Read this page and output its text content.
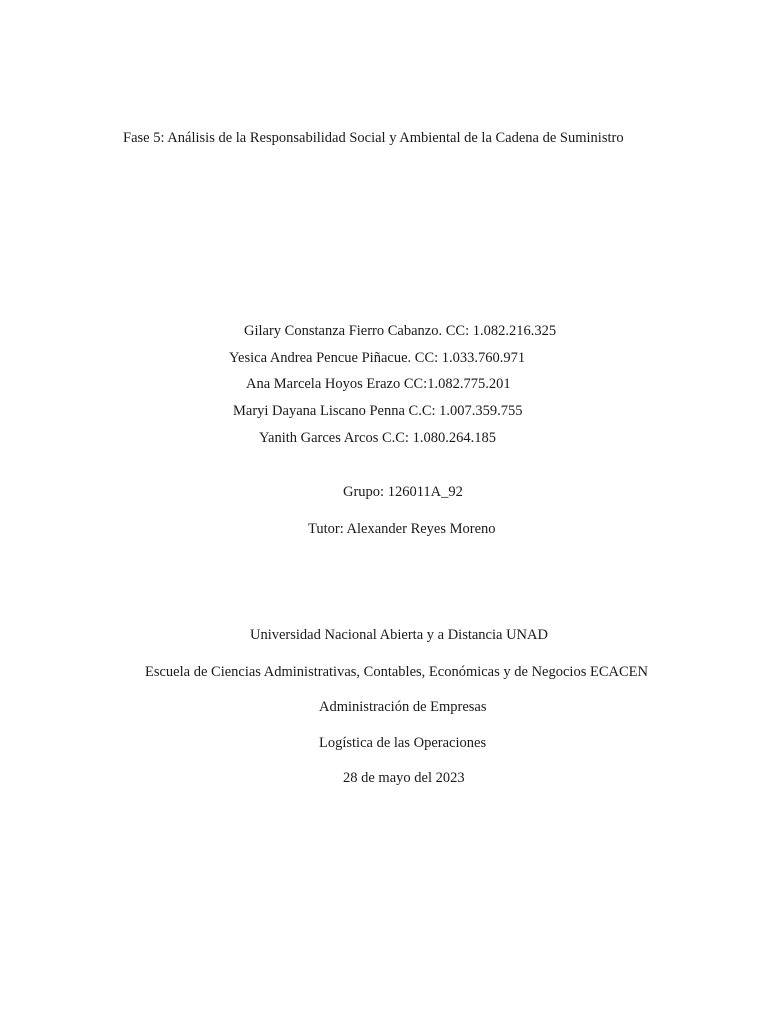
Fase 5: Análisis de la Responsabilidad Social y Ambiental de la Cadena de Suministro
Gilary Constanza Fierro Cabanzo. CC: 1.082.216.325
Yesica Andrea Pencue Piñacue. CC: 1.033.760.971
Ana Marcela Hoyos Erazo CC:1.082.775.201
Maryi Dayana Liscano Penna C.C: 1.007.359.755
Yanith Garces Arcos C.C: 1.080.264.185
Grupo: 126011A_92
Tutor: Alexander Reyes Moreno
Universidad Nacional Abierta y a Distancia UNAD
Escuela de Ciencias Administrativas, Contables, Económicas y de Negocios ECACEN
Administración de Empresas
Logística de las Operaciones
28 de mayo del 2023
